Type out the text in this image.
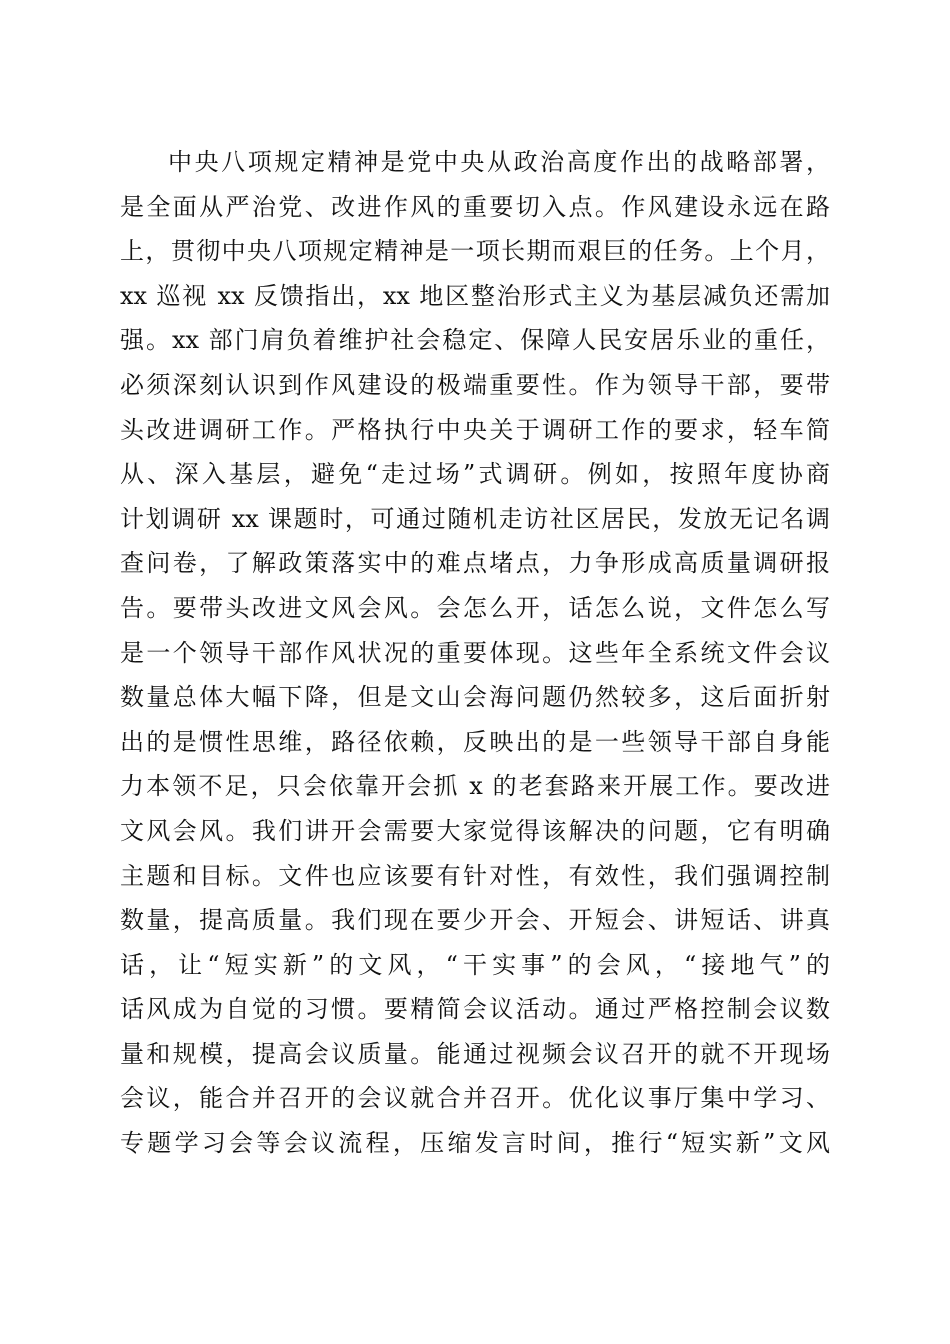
中央八项规定精神是党中央从政治高度作出的战略部署，
是全面从严治党、改进作风的重要切入点。作风建设永远在路
上，贯彻中央八项规定精神是一项长期而艰巨的任务。上个月，
xx 巡视 xx 反馈指出，xx 地区整治形式主义为基层减负还需加
强。xx 部门肩负着维护社会稳定、保障人民安居乐业的重任，
必须深刻认识到作风建设的极端重要性。作为领导干部，要带
头改进调研工作。严格执行中央关于调研工作的要求，轻车简
从、深入基层，避免“走过场”式调研。例如，按照年度协商
计划调研 xx 课题时，可通过随机走访社区居民，发放无记名调
查问卷，了解政策落实中的难点堵点，力争形成高质量调研报
告。要带头改进文风会风。会怎么开，话怎么说，文件怎么写
是一个领导干部作风状况的重要体现。这些年全系统文件会议
数量总体大幅下降，但是文山会海问题仍然较多，这后面折射
出的是惯性思维，路径依赖，反映出的是一些领导干部自身能
力本领不足，只会依靠开会抓 x 的老套路来开展工作。要改进
文风会风。我们讲开会需要大家觉得该解决的问题，它有明确
主题和目标。文件也应该要有针对性，有效性，我们强调控制
数量，提高质量。我们现在要少开会、开短会、讲短话、讲真
话，让“短实新”的文风，“干实事”的会风，“接地气”的
话风成为自觉的习惯。要精简会议活动。通过严格控制会议数
量和规模，提高会议质量。能通过视频会议召开的就不开现场
会议，能合并召开的会议就合并召开。优化议事厅集中学习、
专题学习会等会议流程，压缩发言时间，推行“短实新”文风
